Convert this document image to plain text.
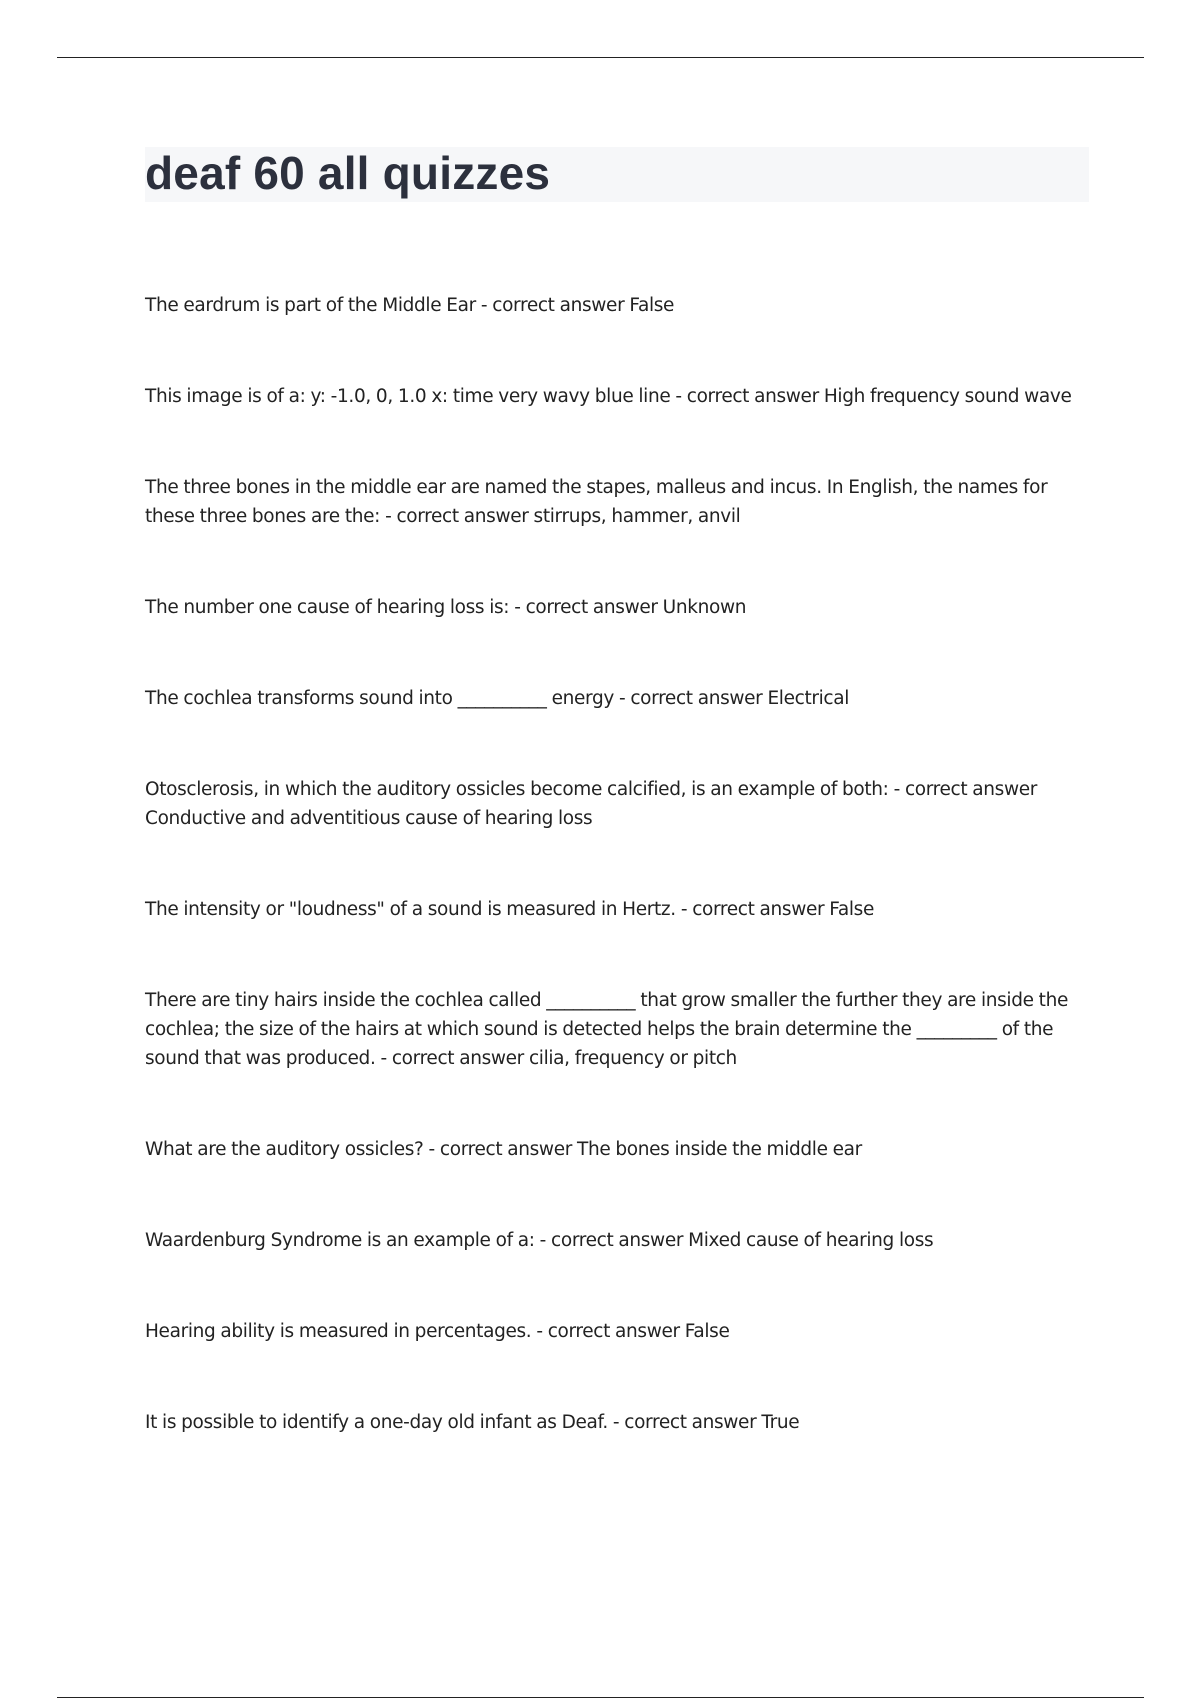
deaf 60 all quizzes
The eardrum is part of the Middle Ear - correct answer False
This image is of a: y: -1.0, 0, 1.0 x: time very wavy blue line - correct answer High frequency sound wave
The three bones in the middle ear are named the stapes, malleus and incus. In English, the names for these three bones are the: - correct answer stirrups, hammer, anvil
The number one cause of hearing loss is: - correct answer Unknown
The cochlea transforms sound into __________ energy - correct answer Electrical
Otosclerosis, in which the auditory ossicles become calcified, is an example of both: - correct answer Conductive and adventitious cause of hearing loss
The intensity or "loudness" of a sound is measured in Hertz. - correct answer False
There are tiny hairs inside the cochlea called __________ that grow smaller the further they are inside the cochlea; the size of the hairs at which sound is detected helps the brain determine the _________ of the sound that was produced. - correct answer cilia, frequency or pitch
What are the auditory ossicles? - correct answer The bones inside the middle ear
Waardenburg Syndrome is an example of a: - correct answer Mixed cause of hearing loss
Hearing ability is measured in percentages. - correct answer False
It is possible to identify a one-day old infant as Deaf. - correct answer True
